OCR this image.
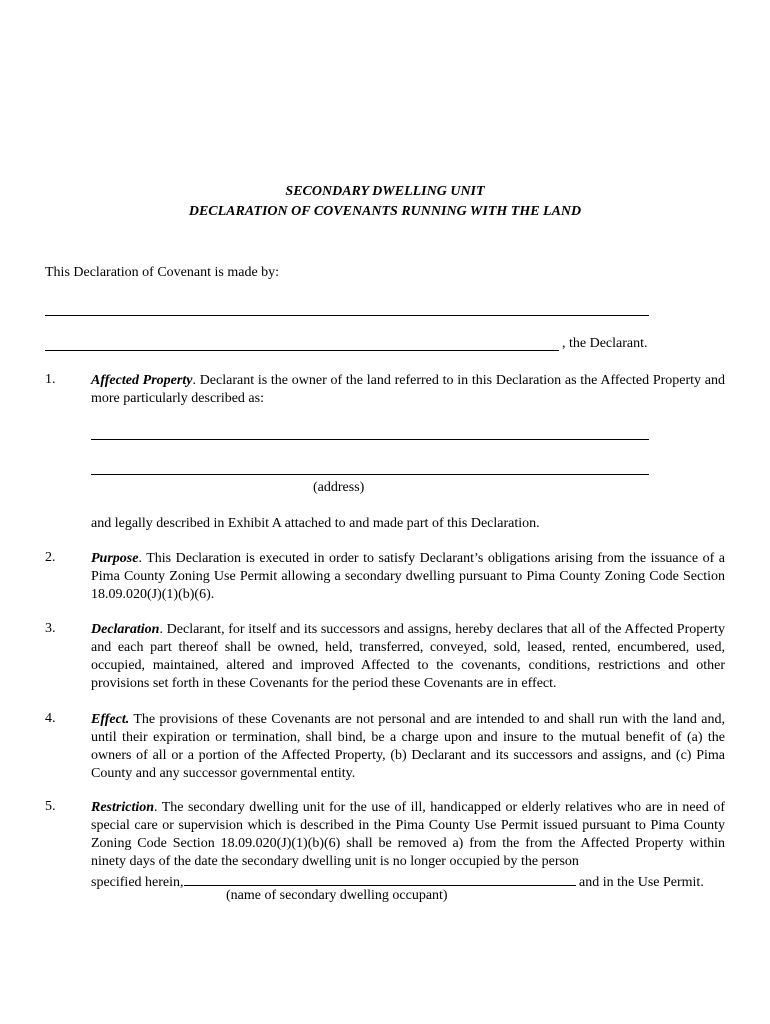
SECONDARY DWELLING UNIT
DECLARATION OF COVENANTS RUNNING WITH THE LAND
This Declaration of Covenant is made by:
, the Declarant.
1.	Affected Property. Declarant is the owner of the land referred to in this Declaration as the Affected Property and more particularly described as:
(address)
and legally described in Exhibit A attached to and made part of this Declaration.
2.	Purpose. This Declaration is executed in order to satisfy Declarant’s obligations arising from the issuance of a Pima County Zoning Use Permit allowing a secondary dwelling pursuant to Pima County Zoning Code Section 18.09.020(J)(1)(b)(6).
3.	Declaration. Declarant, for itself and its successors and assigns, hereby declares that all of the Affected Property and each part thereof shall be owned, held, transferred, conveyed, sold, leased, rented, encumbered, used, occupied, maintained, altered and improved Affected to the covenants, conditions, restrictions and other provisions set forth in these Covenants for the period these Covenants are in effect.
4.	Effect. The provisions of these Covenants are not personal and are intended to and shall run with the land and, until their expiration or termination, shall bind, be a charge upon and insure to the mutual benefit of (a) the owners of all or a portion of the Affected Property, (b) Declarant and its successors and assigns, and (c) Pima County and any successor governmental entity.
5.	Restriction. The secondary dwelling unit for the use of ill, handicapped or elderly relatives who are in need of special care or supervision which is described in the Pima County Use Permit issued pursuant to Pima County Zoning Code Section 18.09.020(J)(1)(b)(6) shall be removed a) from the from the Affected Property within ninety days of the date the secondary dwelling unit is no longer occupied by the person
specified herein,	and in the Use Permit.
(name of secondary dwelling occupant)
